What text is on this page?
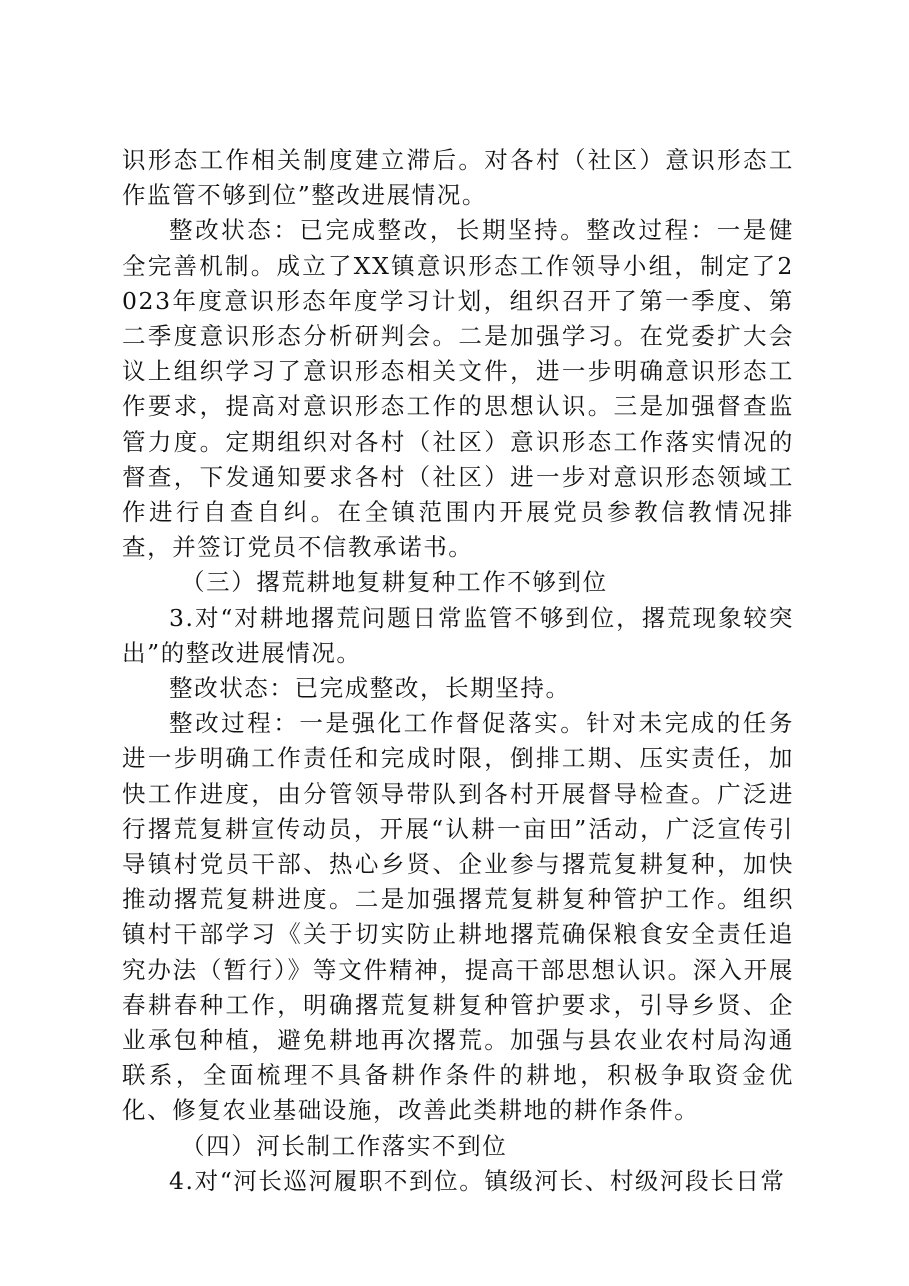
识形态工作相关制度建立滞后。对各村（社区）意识形态工作监管不够到位”整改进展情况。

整改状态：已完成整改，长期坚持。整改过程：一是健全完善机制。成立了XX镇意识形态工作领导小组，制定了2023年度意识形态年度学习计划，组织召开了第一季度、第二季度意识形态分析研判会。二是加强学习。在党委扩大会议上组织学习了意识形态相关文件，进一步明确意识形态工作要求，提高对意识形态工作的思想认识。三是加强督查监管力度。定期组织对各村（社区）意识形态工作落实情况的督查，下发通知要求各村（社区）进一步对意识形态领域工作进行自查自纠。在全镇范围内开展党员参教信教情况排查，并签订党员不信教承诺书。

（三）撂荒耕地复耕复种工作不够到位

3.对“对耕地撂荒问题日常监管不够到位，撂荒现象较突出”的整改进展情况。

整改状态：已完成整改，长期坚持。

整改过程：一是强化工作督促落实。针对未完成的任务进一步明确工作责任和完成时限，倒排工期、压实责任，加快工作进度，由分管领导带队到各村开展督导检查。广泛进行撂荒复耕宣传动员，开展“认耕一亩田”活动，广泛宣传引导镇村党员干部、热心乡贤、企业参与撂荒复耕复种，加快推动撂荒复耕进度。二是加强撂荒复耕复种管护工作。组织镇村干部学习《关于切实防止耕地撂荒确保粮食安全责任追究办法（暂行）》等文件精神，提高干部思想认识。深入开展春耕春种工作，明确撂荒复耕复种管护要求，引导乡贤、企业承包种植，避免耕地再次撂荒。加强与县农业农村局沟通联系，全面梳理不具备耕作条件的耕地，积极争取资金优化、修复农业基础设施，改善此类耕地的耕作条件。

（四）河长制工作落实不到位

4.对“河长巡河履职不到位。镇级河长、村级河段长日常
